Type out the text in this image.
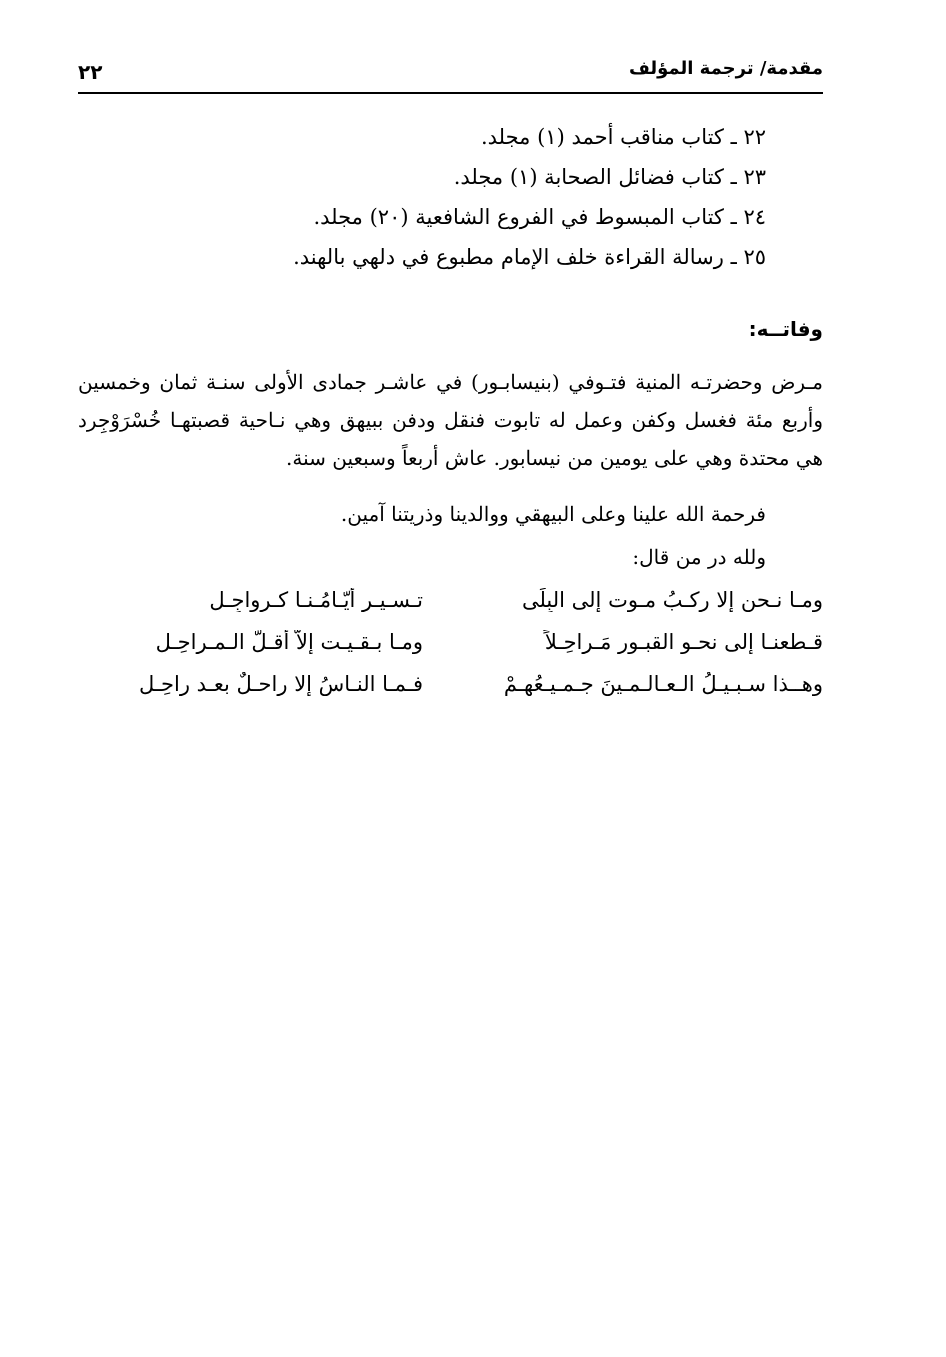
مقدمة/ ترجمة المؤلف
٢٢
٢٢ ـ كتاب مناقب أحمد (١) مجلد.
٢٣ ـ كتاب فضائل الصحابة (١) مجلد.
٢٤ ـ كتاب المبسوط في الفروع الشافعية (٢٠) مجلد.
٢٥ ـ رسالة القراءة خلف الإمام مطبوع في دلهي بالهند.
وفاتــه:
مـرض وحضرتـه المنية فتـوفي (بنيسابـور) في عاشـر جمادى الأولى سنـة ثمان وخمسين وأربع مئة فغسل وكفن وعمل له تابوت فنقل ودفن ببيهق وهي نـاحية قصبتهـا خُسْرَوْجِرد هي محتدة وهي على يومين من نيسابور. عاش أربعاً وسبعين سنة.
فرحمة الله علينا وعلى البيهقي ووالدينا وذريتنا آمين.
ولله در من قال:
ومـا نـحن إلا ركـبُ مـوت إلى البِلَى
تـسـيـر أيّـامُـنـا كـرواجِـلِ
قـطعنـا إلى نحـوِ القبـورِ مَـراحِـلاً
ومـا بـقـيـت إلاَّ أقـلُّ الـمـراحِـلِ
وهــذا سـبـيـلُ الـعـالـمـينَ جـمـيـعُهـمْ
فـمـا النـاسُ إلا راحـلٌ بعـد راحِـلِ
